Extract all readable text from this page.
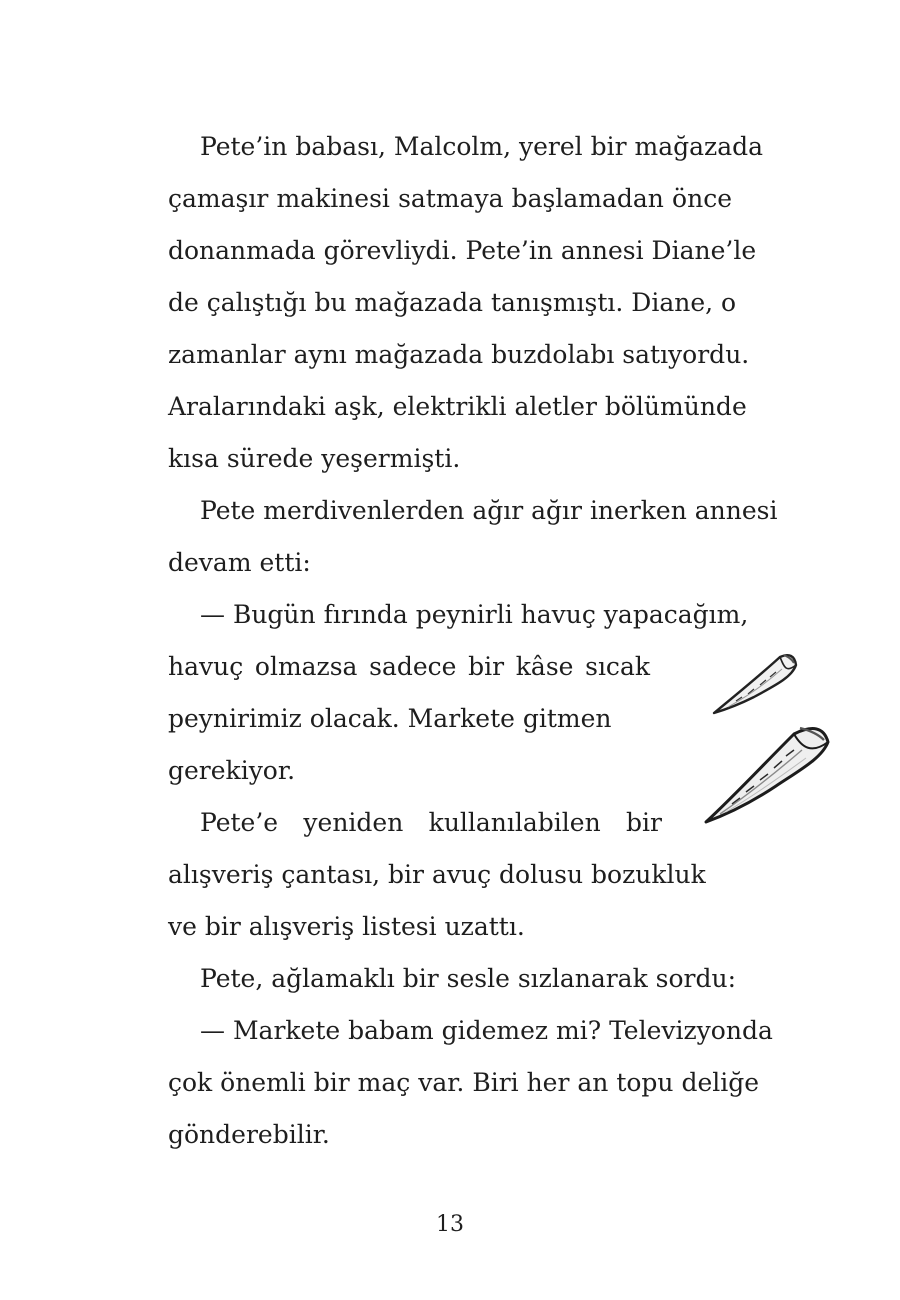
Pete’in babası, Malcolm, yerel bir mağazada

çamaşır makinesi satmaya başlamadan önce

donanmada görevliydi. Pete’in annesi Diane’le

de çalıştığı bu mağazada tanışmıştı. Diane, o

zamanlar aynı mağazada buzdolabı satıyordu.

Aralarındaki aşk, elektrikli aletler bölümünde

kısa sürede yeşermişti.

Pete merdivenlerden ağır ağır inerken annesi

devam etti:

— Bugün fırında peynirli havuç yapacağım,

havuç olmazsa sadece bir kâse sıcak

peynirimiz olacak. Markete gitmen

gerekiyor.

Pete’e yeniden kullanılabilen bir

alışveriş çantası, bir avuç dolusu bozukluk

ve bir alışveriş listesi uzattı.

Pete, ağlamaklı bir sesle sızlanarak sordu:

— Markete babam gidemez mi? Televizyonda

çok önemli bir maç var. Biri her an topu deliğe

gönderebilir.

13
